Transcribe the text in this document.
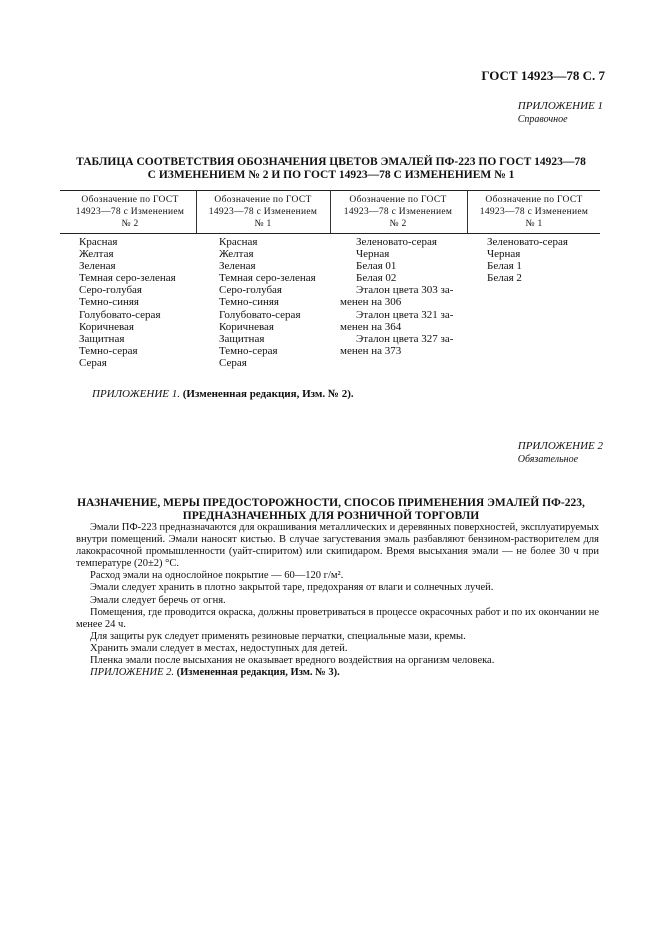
ГОСТ 14923—78 С. 7
ПРИЛОЖЕНИЕ 1
Справочное
ТАБЛИЦА СООТВЕТСТВИЯ ОБОЗНАЧЕНИЯ ЦВЕТОВ ЭМАЛЕЙ ПФ-223 ПО ГОСТ 14923—78
С ИЗМЕНЕНИЕМ № 2 И ПО ГОСТ 14923—78 С ИЗМЕНЕНИЕМ № 1
Обозначение по ГОСТ
14923—78 с Изменением
№ 2
Обозначение по ГОСТ
14923—78 с Изменением
№ 1
Обозначение по ГОСТ
14923—78 с Изменением
№ 2
Обозначение по ГОСТ
14923—78 с Изменением
№ 1
Красная
Желтая
Зеленая
Темная серо-зеленая
Серо-голубая
Темно-синяя
Голубовато-серая
Коричневая
Защитная
Темно-серая
Серая
Красная
Желтая
Зеленая
Темная серо-зеленая
Серо-голубая
Темно-синяя
Голубовато-серая
Коричневая
Защитная
Темно-серая
Серая
Зеленовато-серая
Черная
Белая 01
Белая 02
Эталон цвета 303 за-
менен на 306
Эталон цвета 321 за-
менен на 364
Эталон цвета 327 за-
менен на 373
Зеленовато-серая
Черная
Белая 1
Белая 2
ПРИЛОЖЕНИЕ 1. (Измененная редакция, Изм. № 2).
ПРИЛОЖЕНИЕ 2
Обязательное
НАЗНАЧЕНИЕ, МЕРЫ ПРЕДОСТОРОЖНОСТИ, СПОСОБ ПРИМЕНЕНИЯ ЭМАЛЕЙ ПФ-223,
ПРЕДНАЗНАЧЕННЫХ ДЛЯ РОЗНИЧНОЙ ТОРГОВЛИ

Эмали ПФ-223 предназначаются для окрашивания металлических и деревянных поверхностей, эксплуатируемых внутри помещений. Эмали наносят кистью. В случае загустевания эмаль разбавляют бензином-растворителем для лакокрасочной промышленности (уайт-спиритом) или скипидаром. Время высыхания эмали — не более 30 ч при температуре (20±2) °С.

Расход эмали на однослойное покрытие — 60—120 г/м².

Эмали следует хранить в плотно закрытой таре, предохраняя от влаги и солнечных лучей.

Эмали следует беречь от огня.

Помещения, где проводится окраска, должны проветриваться в процессе окрасочных работ и по их окончании не менее 24 ч.

Для защиты рук следует применять резиновые перчатки, специальные мази, кремы.

Хранить эмали следует в местах, недоступных для детей.

Пленка эмали после высыхания не оказывает вредного воздействия на организм человека.

ПРИЛОЖЕНИЕ 2. (Измененная редакция, Изм. № 3).
